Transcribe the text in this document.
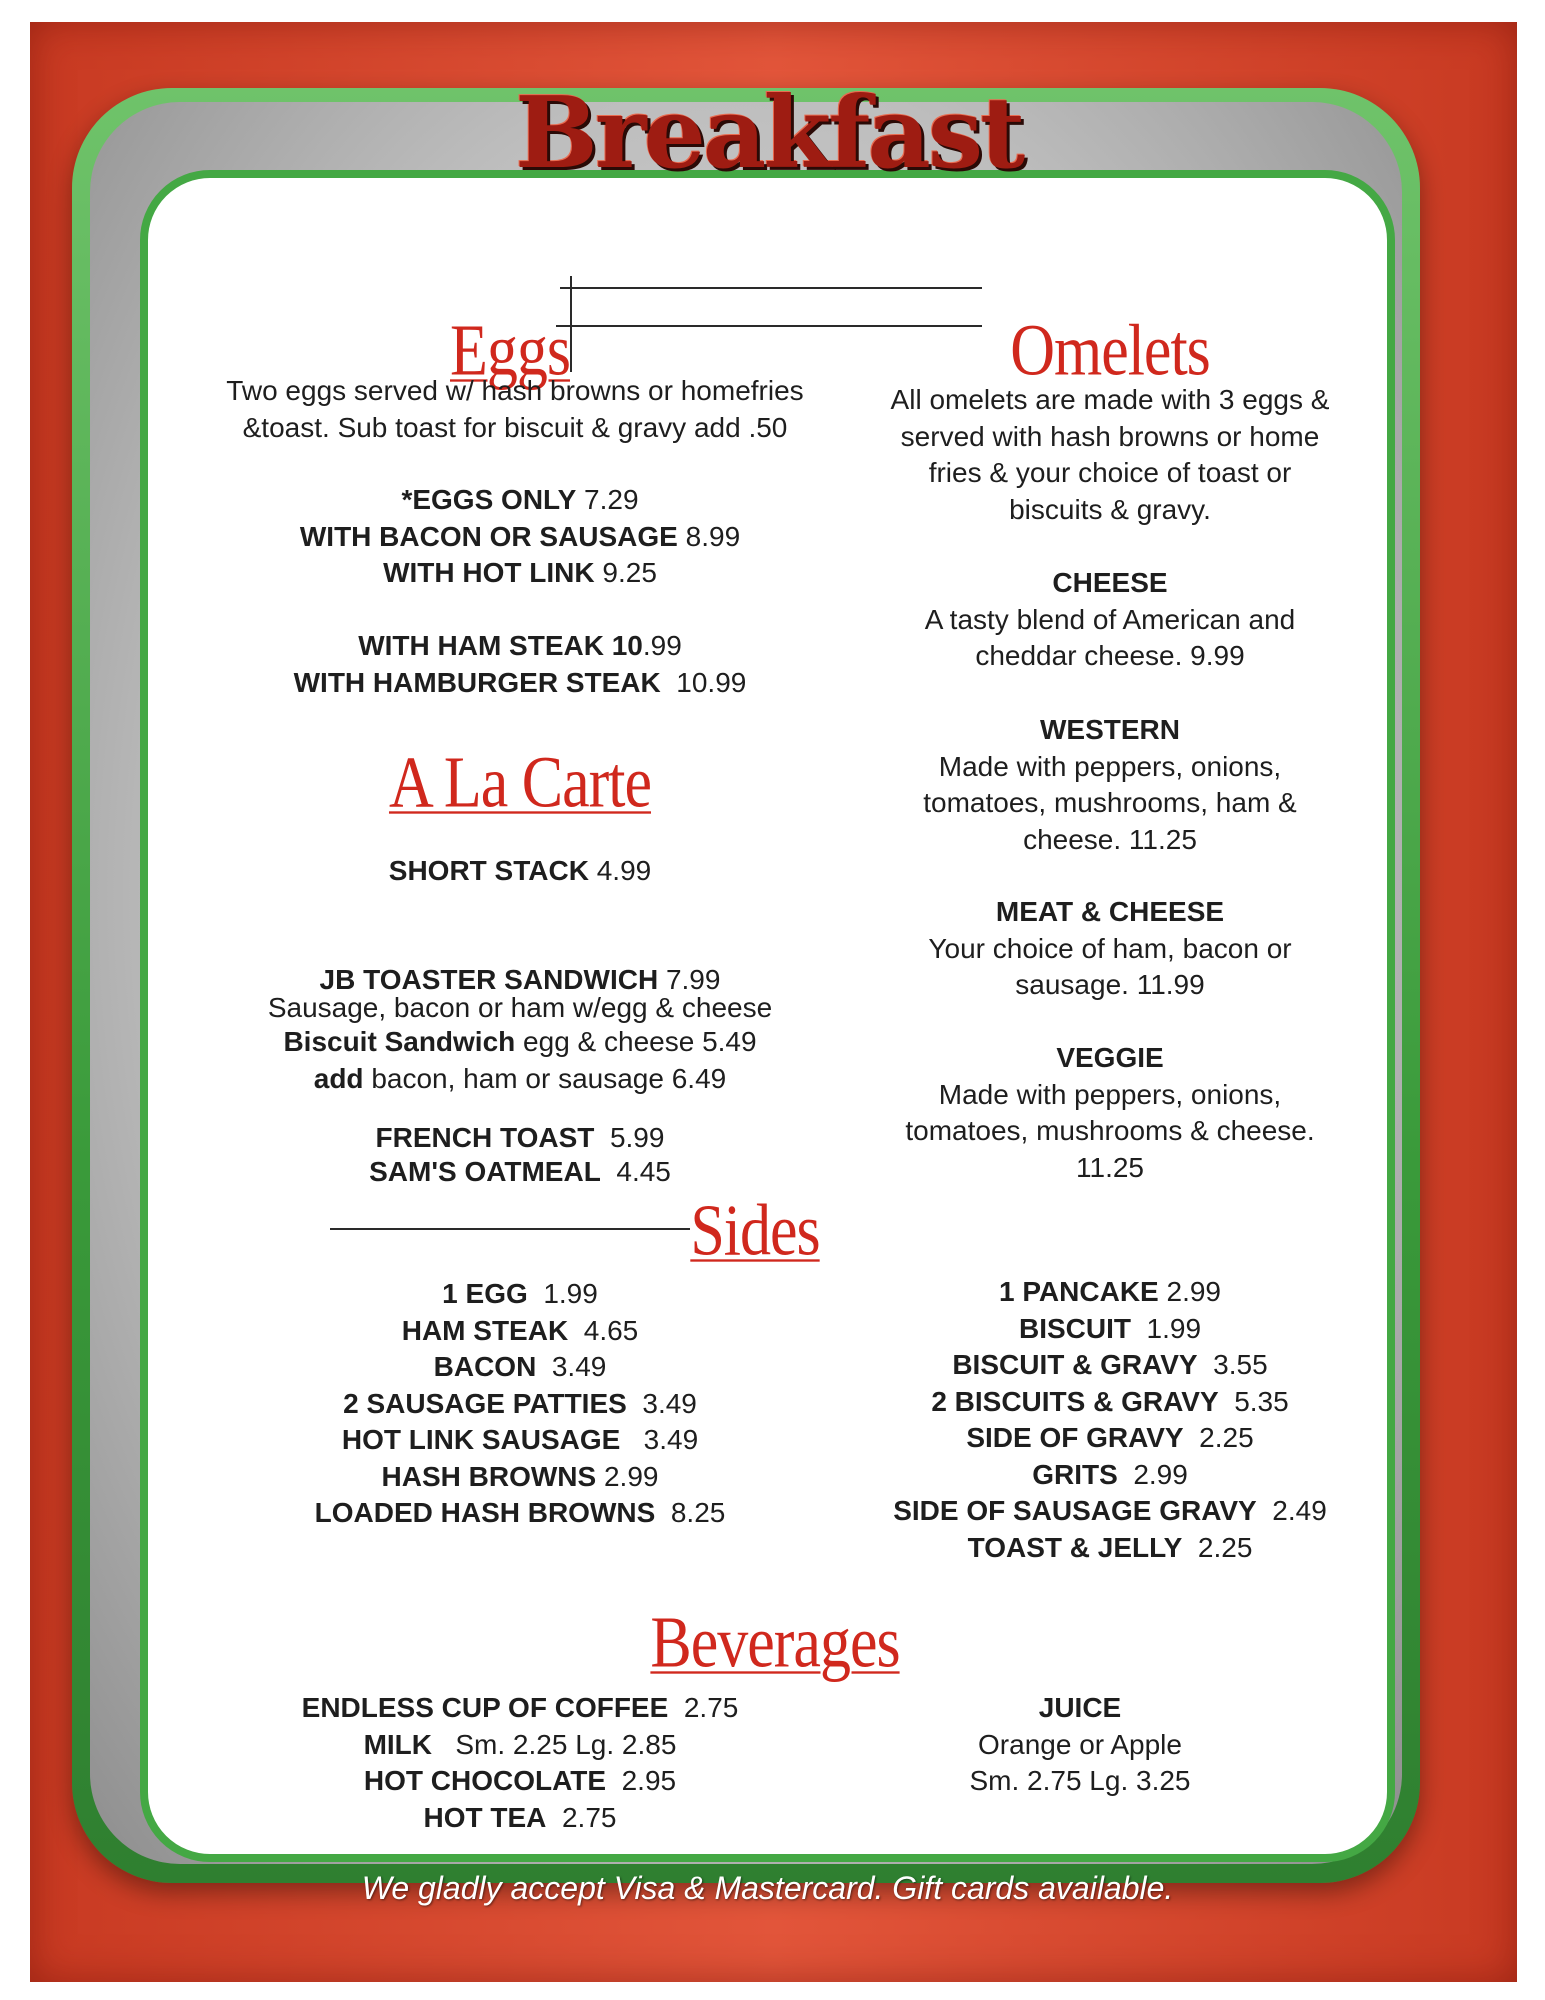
Breakfast
Eggs

Two eggs served w/ hash browns or homefries

&toast. Sub toast for biscuit & gravy add .50

*EGGS ONLY 7.29

WITH BACON OR SAUSAGE 8.99

WITH HOT LINK 9.25

WITH HAM STEAK 10.99

WITH HAMBURGER STEAK 10.99

A La Carte

SHORT STACK 4.99

JB TOASTER SANDWICH 7.99

Sausage, bacon or ham w/egg & cheese

Biscuit Sandwich egg & cheese 5.49

add bacon, ham or sausage 6.49

FRENCH TOAST 5.99

SAM'S OATMEAL 4.45

Omelets

All omelets are made with 3 eggs &

served with hash browns or home

fries & your choice of toast or

biscuits & gravy.

CHEESE

A tasty blend of American and

cheddar cheese. 9.99

WESTERN

Made with peppers, onions,

tomatoes, mushrooms, ham &

cheese. 11.25

MEAT & CHEESE

Your choice of ham, bacon or

sausage. 11.99

VEGGIE

Made with peppers, onions,

tomatoes, mushrooms & cheese.

11.25

Sides

1 EGG 1.99

HAM STEAK 4.65

BACON 3.49

2 SAUSAGE PATTIES 3.49

HOT LINK SAUSAGE 3.49

HASH BROWNS 2.99

LOADED HASH BROWNS 8.25

1 PANCAKE 2.99

BISCUIT 1.99

BISCUIT & GRAVY 3.55

2 BISCUITS & GRAVY 5.35

SIDE OF GRAVY 2.25

GRITS 2.99

SIDE OF SAUSAGE GRAVY 2.49

TOAST & JELLY 2.25

Beverages

ENDLESS CUP OF COFFEE 2.75

MILK Sm. 2.25 Lg. 2.85

HOT CHOCOLATE 2.95

HOT TEA 2.75

JUICE

Orange or Apple

Sm. 2.75 Lg. 3.25

We gladly accept Visa & Mastercard. Gift cards available.
